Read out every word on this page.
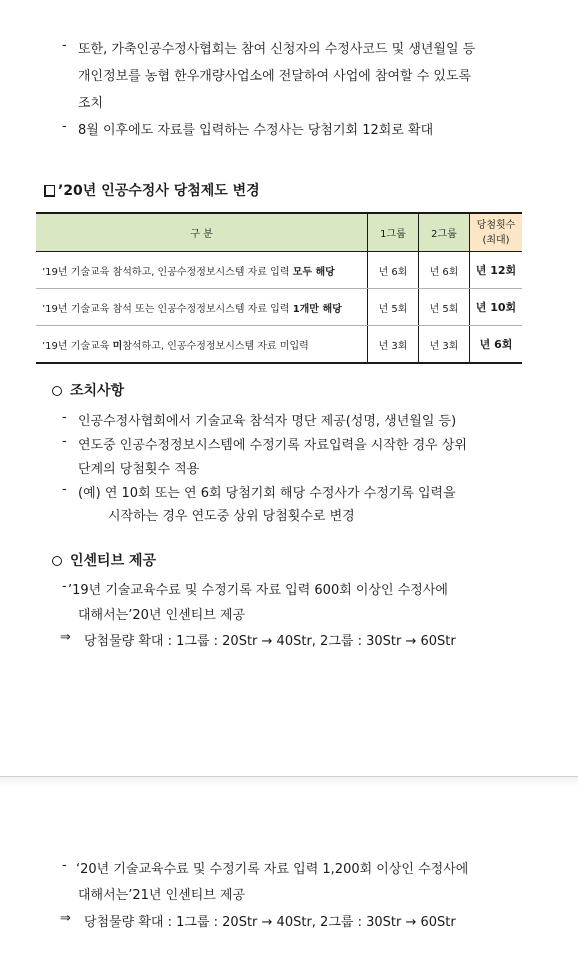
- 또한, 가축인공수정사협회는 참여 신청자의 수정사코드 및 생년월일 등
개인정보를 농협 한우개량사업소에 전달하여 사업에 참여할 수 있도록
조치
- 8월 이후에도 자료를 입력하는 수정사는 당첨기회 12회로 확대
’20년 인공수정사 당첨제도 변경
구 분	1그룹	2그룹	당첨횟수
(최대)
’19년 기술교육 참석하고, 인공수정정보시스템 자료 입력 모두 해당	년 6회	년 6회	년 12회
’19년 기술교육 참석 또는 인공수정정보시스템 자료 입력 1개만 해당	년 5회	년 5회	년 10회
’19년 기술교육 미참석하고, 인공수정정보시스템 자료 미입력	년 3회	년 3회	년 6회
조치사항
- 인공수정사협회에서 기술교육 참석자 명단 제공(성명, 생년월일 등)
- 연도중 인공수정정보시스템에 수정기록 자료입력을 시작한 경우 상위
단계의 당첨횟수 적용
- (예) 연 10회 또는 연 6회 당첨기회 해당 수정사가 수정기록 입력을
시작하는 경우 연도중 상위 당첨횟수로 변경
인센티브 제공
- ’19년 기술교육수료 및 수정기록 자료 입력 600회 이상인 수정사에
대해서는’20년 인센티브 제공
⇒ 당첨물량 확대 : 1그룹 : 20Str → 40Str, 2그룹 : 30Str → 60Str
- ‘20년 기술교육수료 및 수정기록 자료 입력 1,200회 이상인 수정사에
대해서는’21년 인센티브 제공
⇒ 당첨물량 확대 : 1그룹 : 20Str → 40Str, 2그룹 : 30Str → 60Str
